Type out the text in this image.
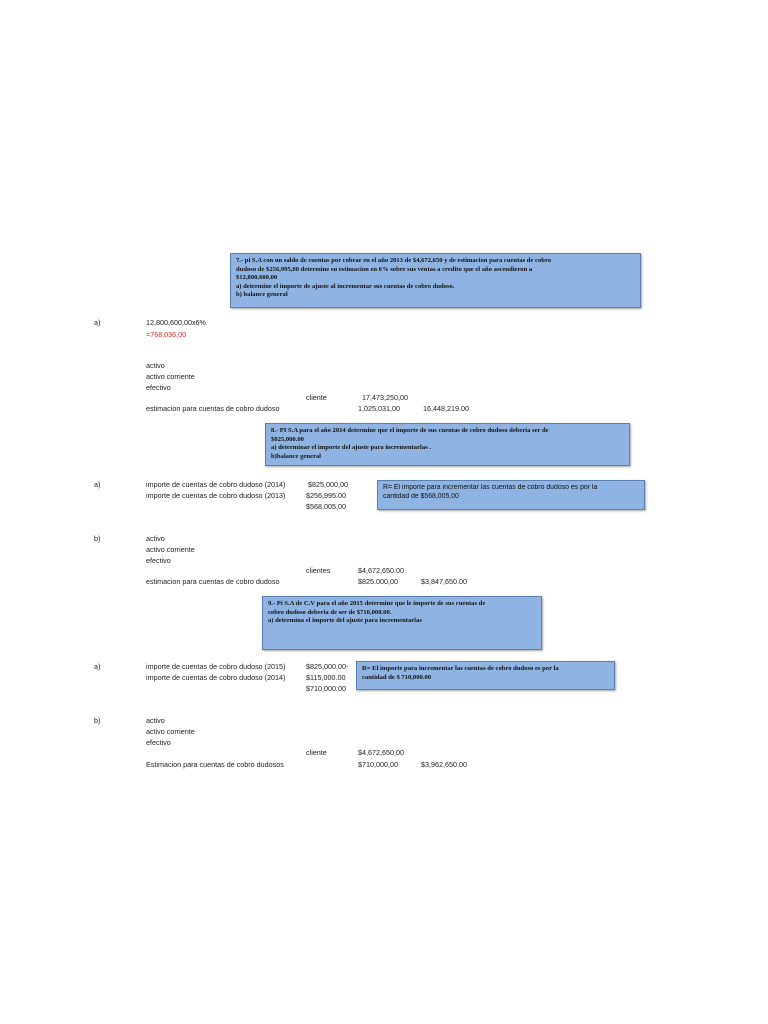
7.- pi S.A con un saldo de cuentas por cobrar en el año 2013 de $4,672,650 y de estimacion para cuentas de cobro
dudoso de $256,995,00 determine su estimacion en 6% sobre sus ventas a credito que el año ascendieron a
$12,800,600,00
a) determine el importe de ajuste al incrementar sus cuentas de cobro dudoso.
b) balance general
a)	12,800,600,00x6%
=768,036,00
activo
activo corriente
efectivo
cliente	17,473,250,00
estimacion para cuentas de cobro dudoso	1,025,031,00	16,448,219.00
8.- PI S.A para el año 2014 determine que el importe de sus cuentas de cobro dudoso deberia ser de
$825,000.00
a) determinar el importe del ajuste para incrementarlas .
b)balance general
a)	importe de cuentas de cobro dudoso (2014)	$825,000,00
importe de cuentas de cobro dudoso (2013)	$256,995.00
$568,005,00
R= El importe para incrementar las cuentas de cobro dudoso es por la
cantidad de $568,005,00
b)	activo
activo corriente
efectivo
clientes	$4,672,650.00
estimacion para cuentas de cobro dudoso	$825.000,00	$3,847,650.00
9.- Pi S.A de C.V para el año 2015 determine que le importe de sus cuentas de
cobro dudoso deberia de ser de $710,000.00.
a) determina el importe del ajuste para incrementarlas
a)	importe de cuentas de cobro dudoso (2015)	$825,000.00-
importe de cuentas de cobro dudoso (2014)	$115,000.00
$710,000.00
R= El importe para incrementar las cuentas de cobro dudoso es por la
cantidad de $ 710,000.00
b)	activo
activo corriente
efectivo
cliente	$4,672,650,00
Estimacion para cuentas de cobro dudosos	$710,000,00	$3,962,650.00
